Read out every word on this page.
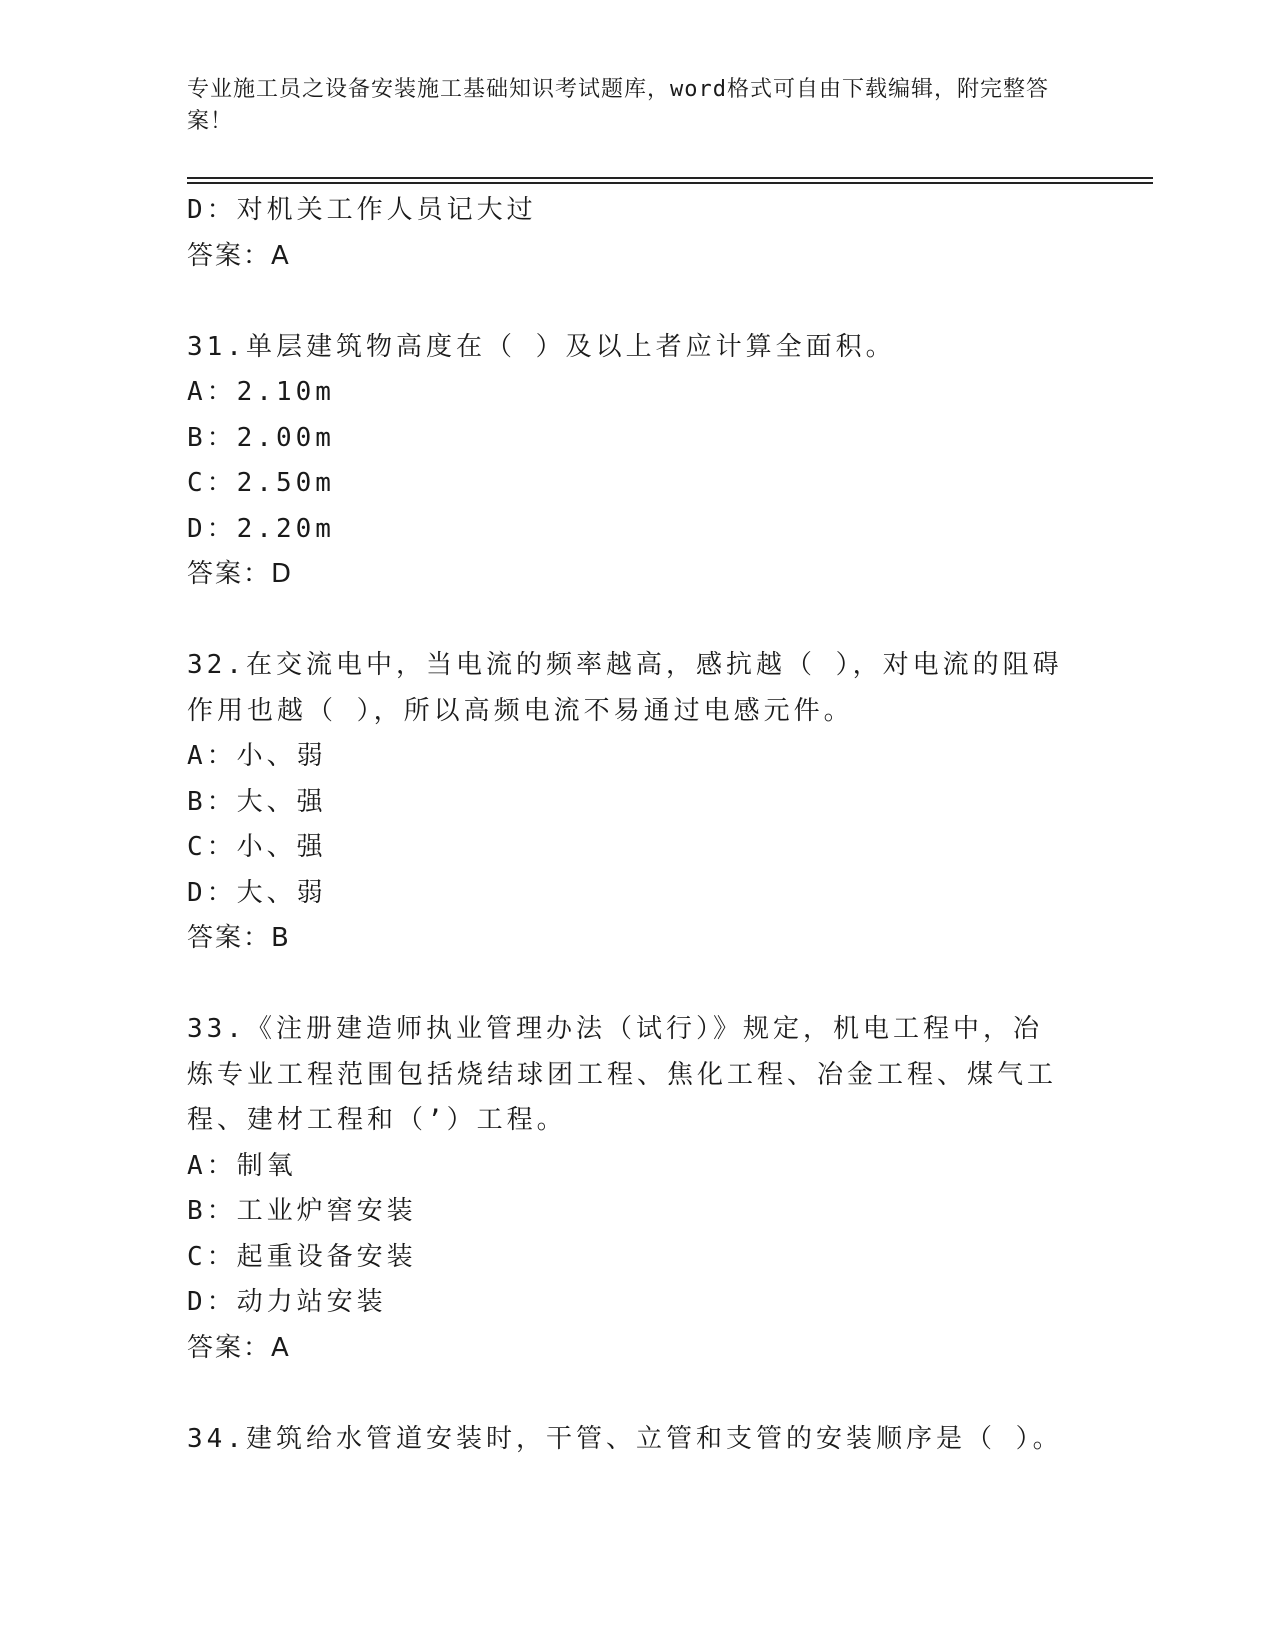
专业施工员之设备安装施工基础知识考试题库，word格式可自由下载编辑，附完整答案！
D：对机关工作人员记大过
答案：A
31.单层建筑物高度在（ ）及以上者应计算全面积。
A：2.10m
B：2.00m
C：2.50m
D：2.20m
答案：D
32.在交流电中，当电流的频率越高，感抗越（ ），对电流的阻碍作用也越（ ），所以高频电流不易通过电感元件。
A：小、弱
B：大、强
C：小、强
D：大、弱
答案：B
33.《注册建造师执业管理办法（试行）》规定，机电工程中，冶炼专业工程范围包括烧结球团工程、焦化工程、冶金工程、煤气工程、建材工程和（’）工程。
A：制氧
B：工业炉窖安装
C：起重设备安装
D：动力站安装
答案：A
34.建筑给水管道安装时，干管、立管和支管的安装顺序是（ ）。
